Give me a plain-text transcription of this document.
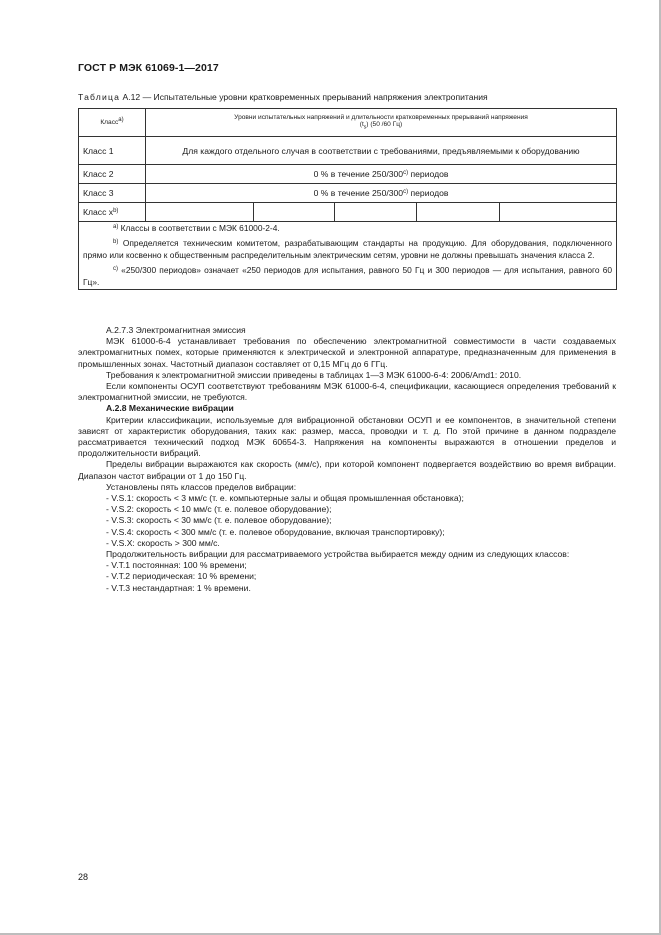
ГОСТ Р МЭК 61069-1—2017
Таблица А.12 — Испытательные уровни кратковременных прерываний напряжения электропитания
Класс$^{a)}$	Уровни испытательных напряжений и длительности кратковременных прерываний напряжения
$(t_s)$ (50 /60 Гц)				

Класс 1	Для каждого отдельного случая в соответствии с требованиями, предъявляемыми к оборудованию				
Класс 2	0 % в течение 250/300$^{c)}$ периодов				
Класс 3	0 % в течение 250/300$^{c)}$ периодов				
Класс $x^{b)}$					

$^{a)}$ Классы в соответствии с МЭК 61000-2-4.

$^{b)}$ Определяется техническим комитетом, разрабатывающим стандарты на продукцию. Для оборудования, подключенного прямо или косвенно к общественным распределительным электрическим сетям, уровни не должны превышать значения класса 2.

$^{c)}$ «250/300 периодов» означает «250 периодов для испытания, равного 50 Гц и 300 периодов — для испытания, равного 60 Гц».					

А.2.7.3 Электромагнитная эмиссия

МЭК 61000-6-4 устанавливает требования по обеспечению электромагнитной совместимости в части создаваемых электромагнитных помех, которые применяются к электрической и электронной аппаратуре, предназначенным для применения в промышленных зонах. Частотный диапазон составляет от 0,15 МГц до 6 ГГц.

Требования к электромагнитной эмиссии приведены в таблицах 1—3 МЭК 61000-6-4: 2006/Amd1: 2010.

Если компоненты ОСУП соответствуют требованиям МЭК 61000-6-4, спецификации, касающиеся определения требований к электромагнитной эмиссии, не требуются.

А.2.8 Механические вибрации

Критерии классификации, используемые для вибрационной обстановки ОСУП и ее компонентов, в значительной степени зависят от характеристик оборудования, таких как: размер, масса, проводки и т. д. По этой причине в данном подразделе рассматривается технический подход МЭК 60654-3. Напряжения на компоненты выражаются в отношении пределов и продолжительности вибраций.

Пределы вибрации выражаются как скорость (мм/с), при которой компонент подвергается воздействию во время вибрации. Диапазон частот вибрации от 1 до 150 Гц.

Установлены пять классов пределов вибрации:

- V.S.1: скорость < 3 мм/с (т. е. компьютерные залы и общая промышленная обстановка);

- V.S.2: скорость < 10 мм/с (т. е. полевое оборудование);

- V.S.3: скорость < 30 мм/с (т. е. полевое оборудование);

- V.S.4: скорость < 300 мм/с (т. е. полевое оборудование, включая транспортировку);

- V.S.X: скорость > 300 мм/с.

Продолжительность вибрации для рассматриваемого устройства выбирается между одним из следующих классов:

- V.T.1 постоянная: 100 % времени;

- V.T.2 периодическая: 10 % времени;

- V.T.3 нестандартная: 1 % времени.

28
